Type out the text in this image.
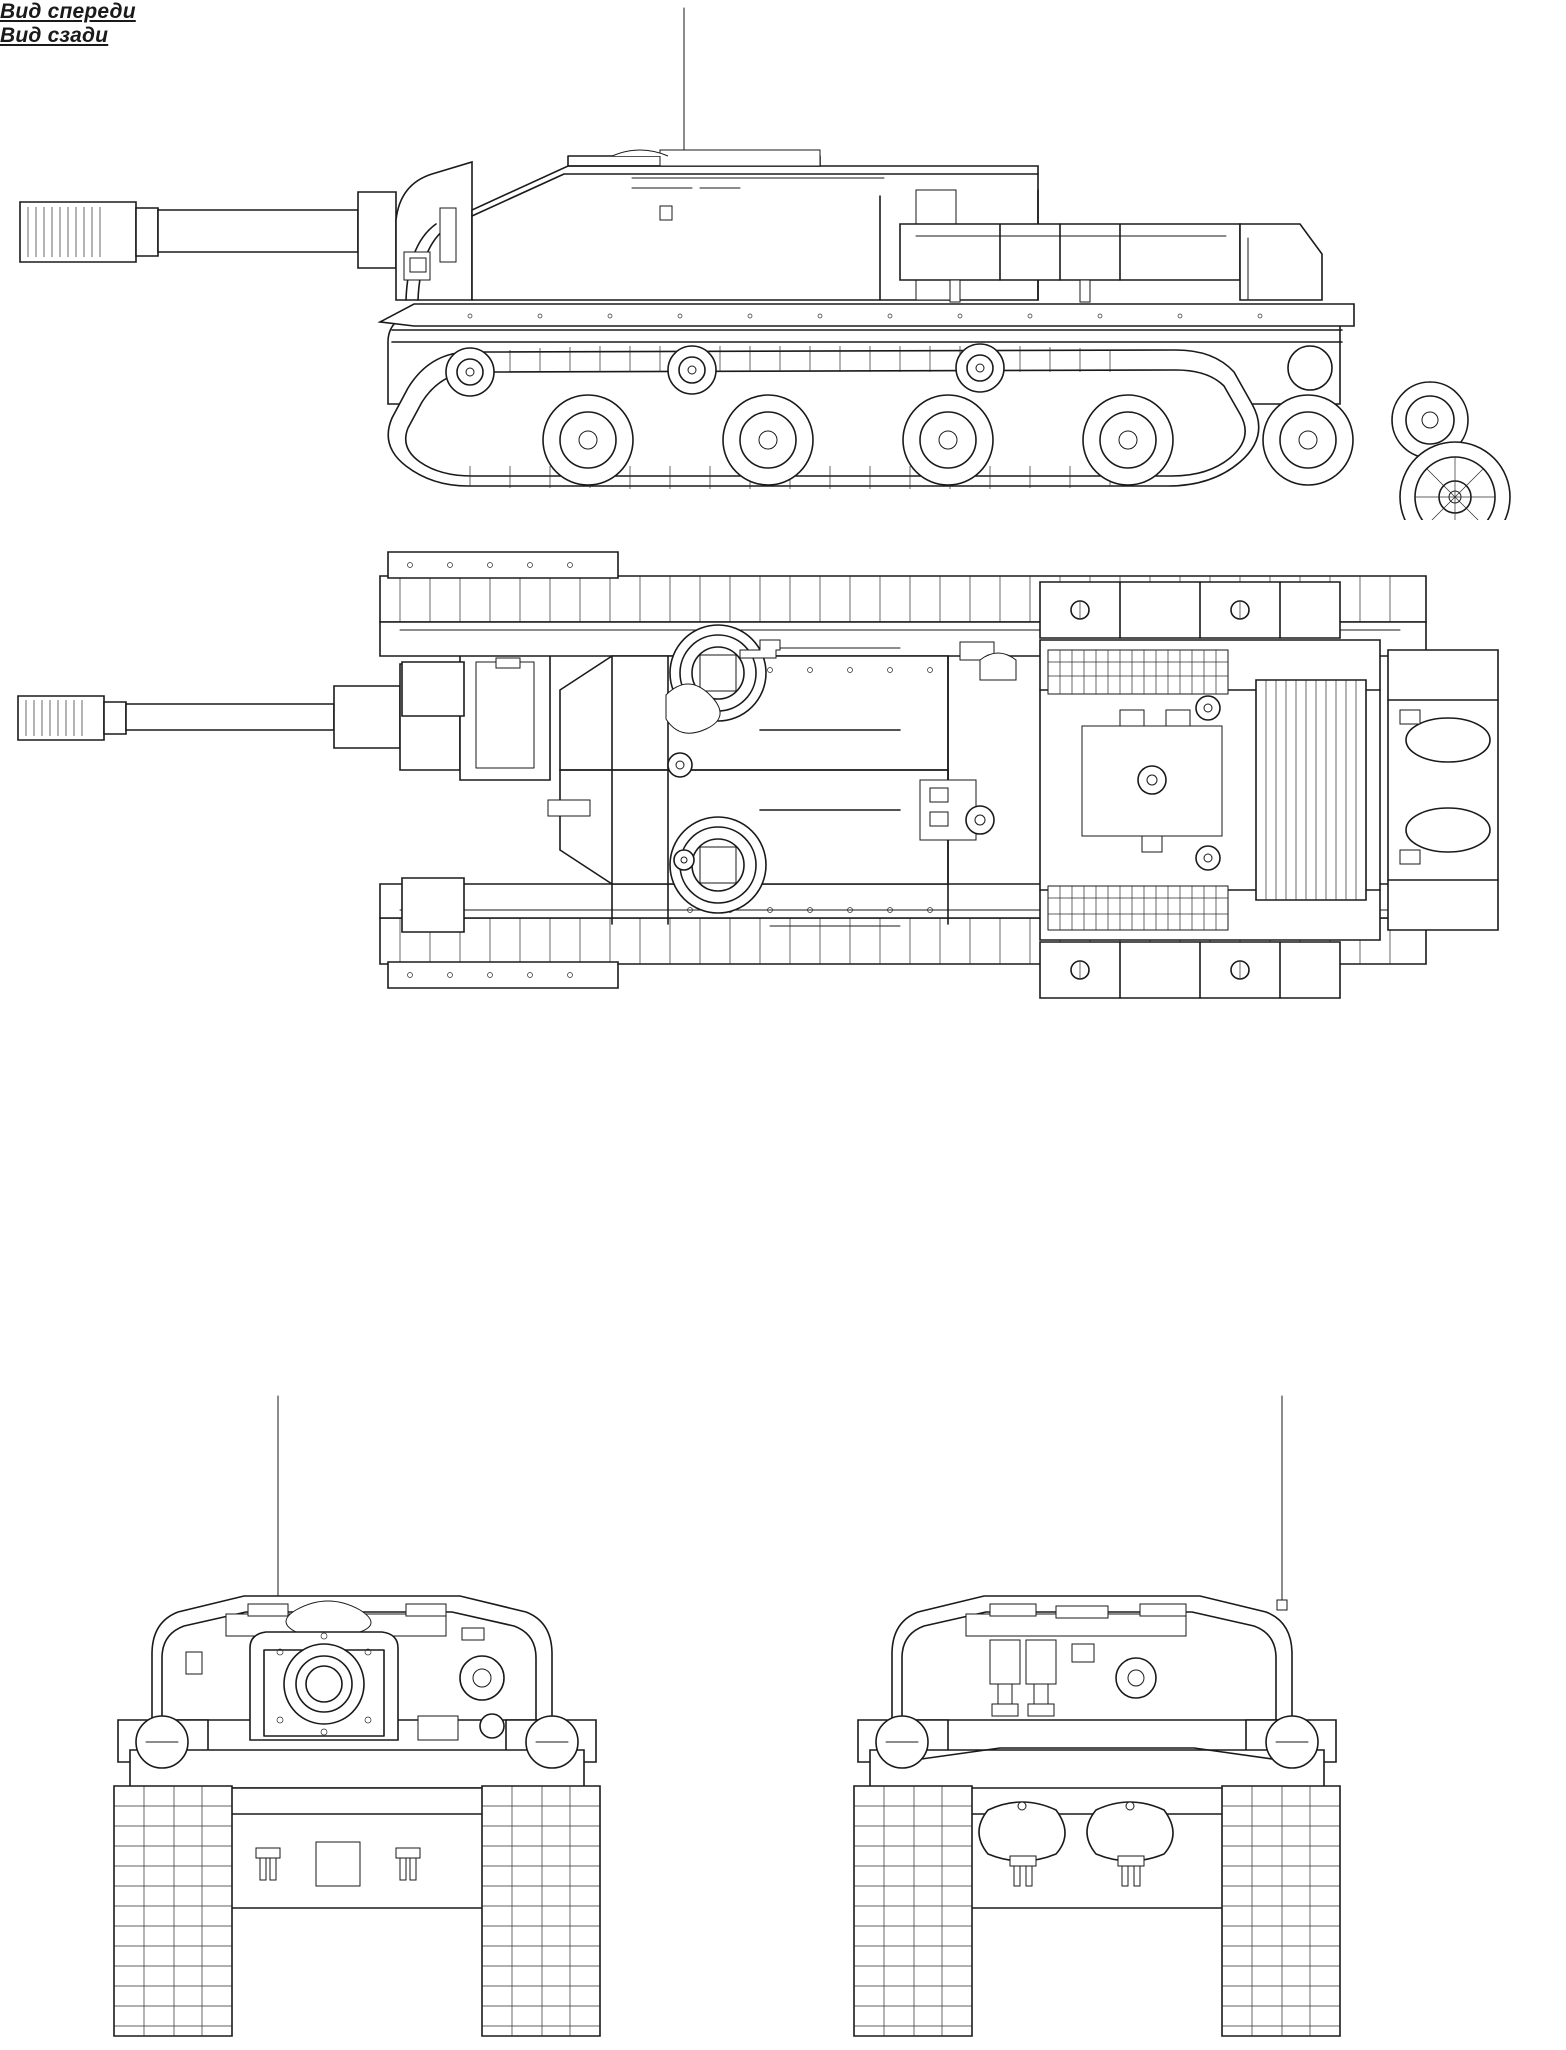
Вид спереди
Вид сзади
